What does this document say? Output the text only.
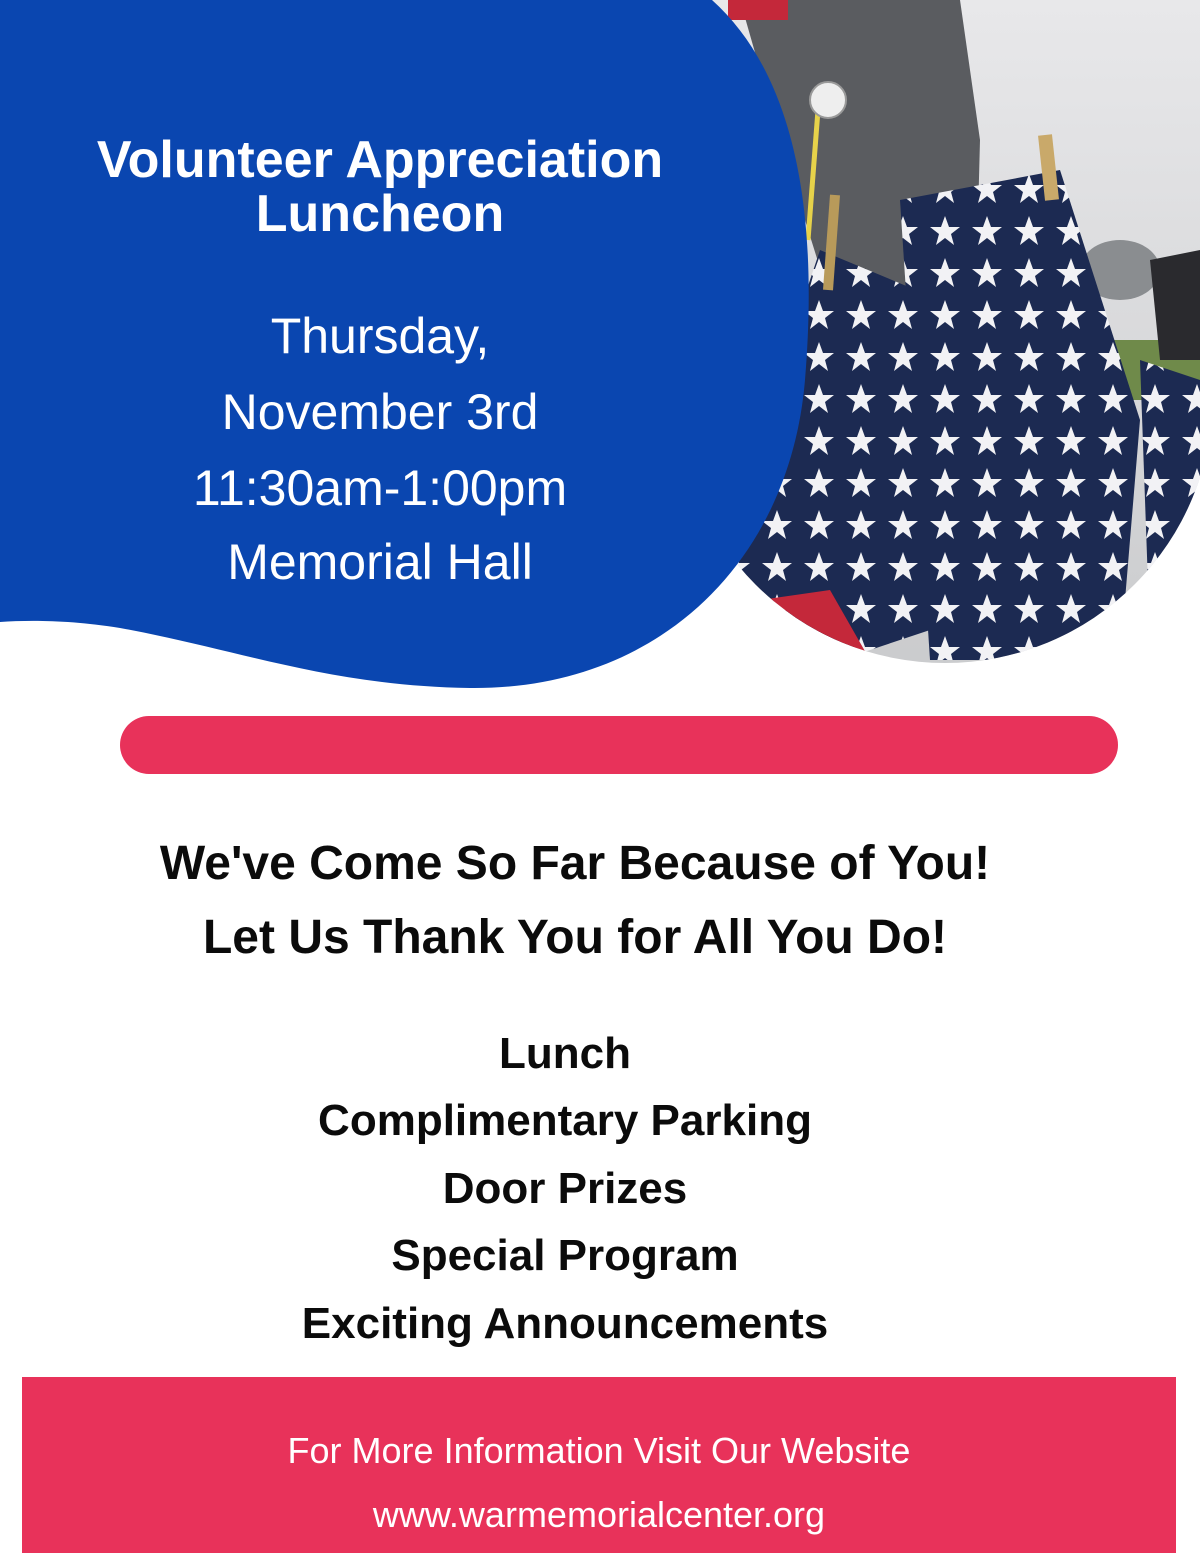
Volunteer Appreciation
Luncheon
Thursday,
November 3rd
11:30am-1:00pm
Memorial Hall
We've Come So Far Because of You!
Let Us Thank You for All You Do!
Lunch
Complimentary Parking
Door Prizes
Special Program
Exciting Announcements
For More Information Visit Our Website
www.warmemorialcenter.org
